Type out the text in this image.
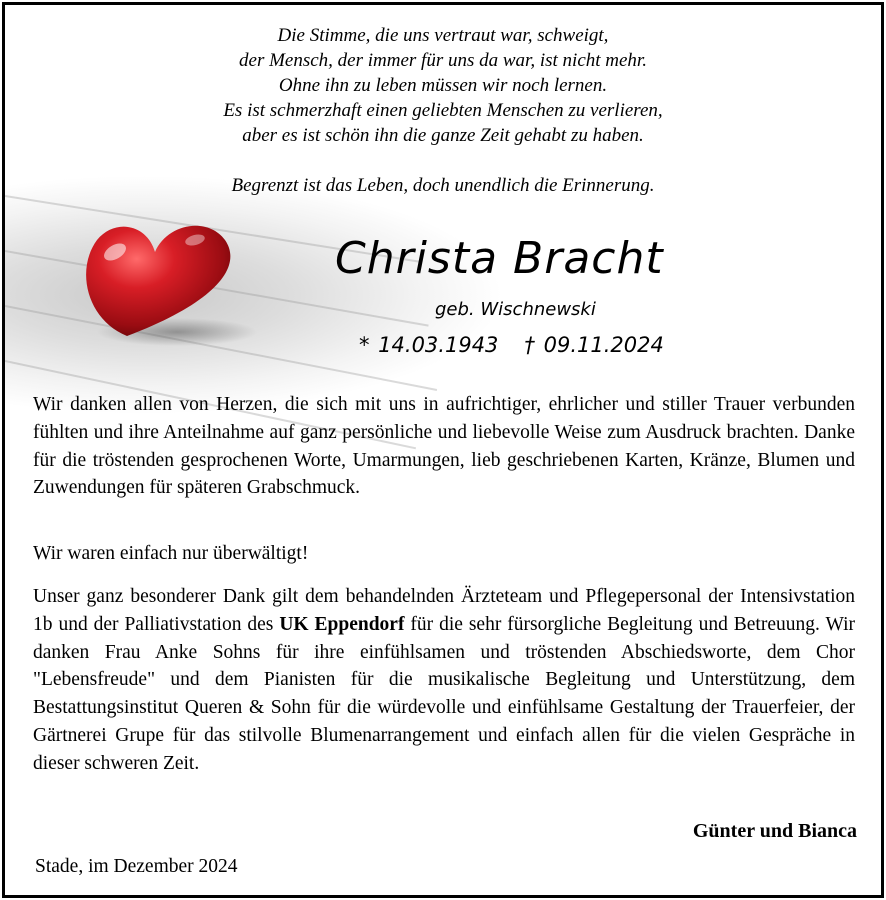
Die Stimme, die uns vertraut war, schweigt,
der Mensch, der immer für uns da war, ist nicht mehr.
Ohne ihn zu leben müssen wir noch lernen.
Es ist schmerzhaft einen geliebten Menschen zu verlieren,
aber es ist schön ihn die ganze Zeit gehabt zu haben.
Begrenzt ist das Leben, doch unendlich die Erinnerung.
Christa Bracht
geb. Wischnewski
* 14.03.1943 † 09.11.2024
Wir danken allen von Herzen, die sich mit uns in aufrichtiger, ehrlicher und stiller Trauer verbunden fühlten und ihre Anteilnahme auf ganz persönliche und liebevolle Weise zum Ausdruck brachten. Danke für die tröstenden gesprochenen Worte, Umarmungen, lieb geschriebenen Karten, Kränze, Blumen und Zuwendungen für späteren Grabschmuck.
Wir waren einfach nur überwältigt!
Unser ganz besonderer Dank gilt dem behandelnden Ärzteteam und Pflegepersonal der Intensivstation 1b und der Palliativstation des UK Eppendorf für die sehr fürsorgliche Begleitung und Betreuung. Wir danken Frau Anke Sohns für ihre einfühlsamen und tröstenden Abschiedsworte, dem Chor "Lebensfreude" und dem Pianisten für die musikalische Begleitung und Unterstützung, dem Bestattungsinstitut Queren & Sohn für die würdevolle und einfühlsame Gestaltung der Trauerfeier, der Gärtnerei Grupe für das stilvolle Blumenarrangement und einfach allen für die vielen Gespräche in dieser schweren Zeit.
Günter und Bianca
Stade, im Dezember 2024
